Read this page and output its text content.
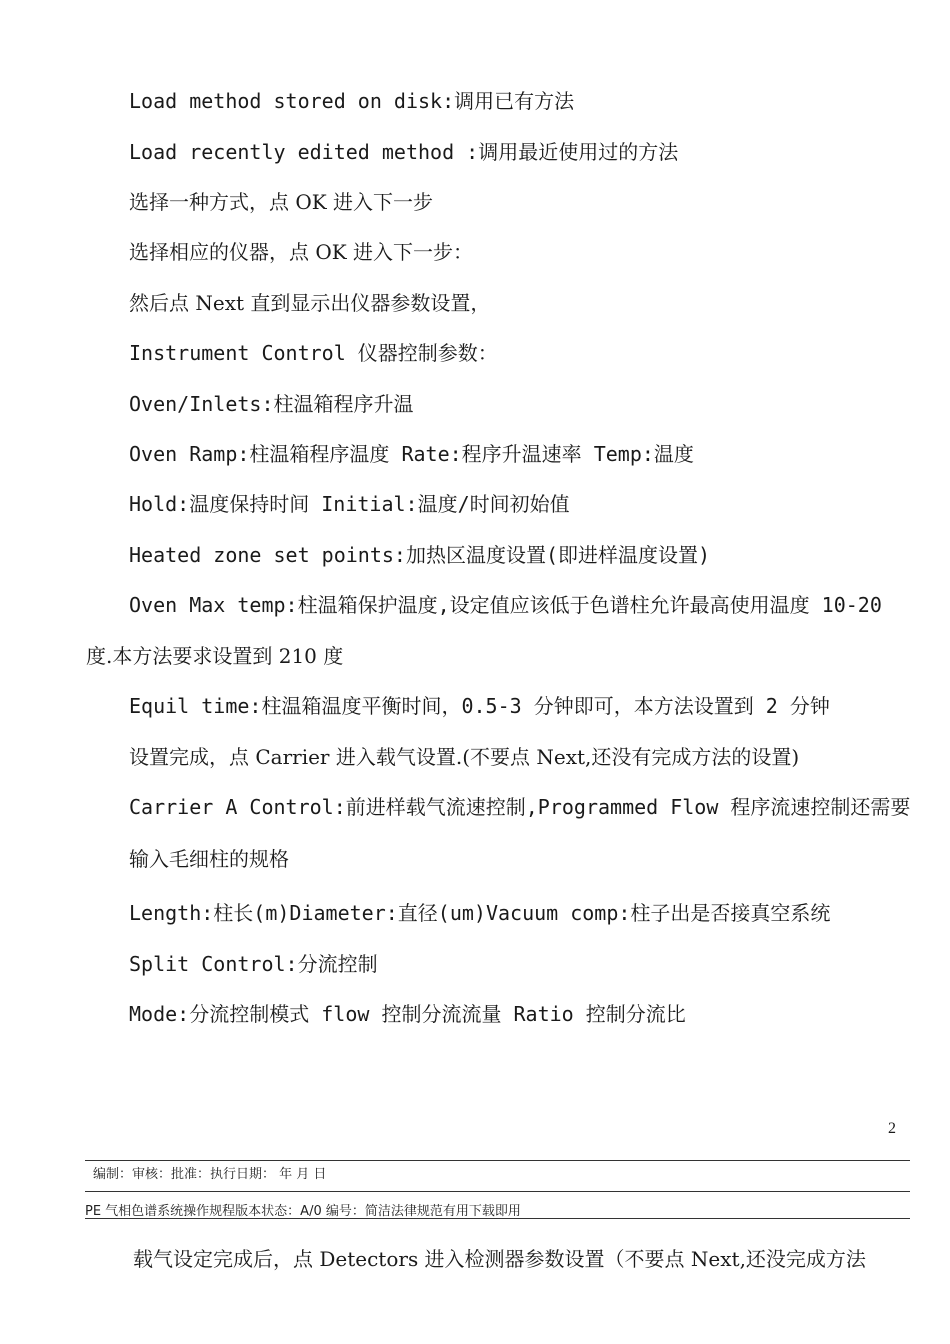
Load method stored on disk:调用已有方法
Load recently edited method :调用最近使用过的方法
选择一种方式，点 OK 进入下一步
选择相应的仪器，点 OK 进入下一步：
然后点 Next 直到显示出仪器参数设置，
Instrument Control 仪器控制参数：
Oven/Inlets:柱温箱程序升温
Oven Ramp:柱温箱程序温度 Rate:程序升温速率 Temp:温度
Hold:温度保持时间 Initial:温度/时间初始值
Heated zone set points:加热区温度设置(即进样温度设置)
Oven Max temp:柱温箱保护温度,设定值应该低于色谱柱允许最高使用温度 10-20
度.本方法要求设置到 210 度
Equil time:柱温箱温度平衡时间，0.5-3 分钟即可，本方法设置到 2 分钟
设置完成，点 Carrier 进入载气设置.(不要点 Next,还没有完成方法的设置)
Carrier A Control:前进样载气流速控制,Programmed Flow 程序流速控制还需要
输入毛细柱的规格
Length:柱长(m)Diameter:直径(um)Vacuum comp:柱子出是否接真空系统
Split Control:分流控制
Mode:分流控制模式 flow 控制分流流量 Ratio 控制分流比
2
编制：审核：批准：执行日期： 年 月 日
PE 气相色谱系统操作规程版本状态：A/0 编号：简洁法律规范有用下载即用
载气设定完成后，点 Detectors 进入检测器参数设置（不要点 Next,还没完成方法
